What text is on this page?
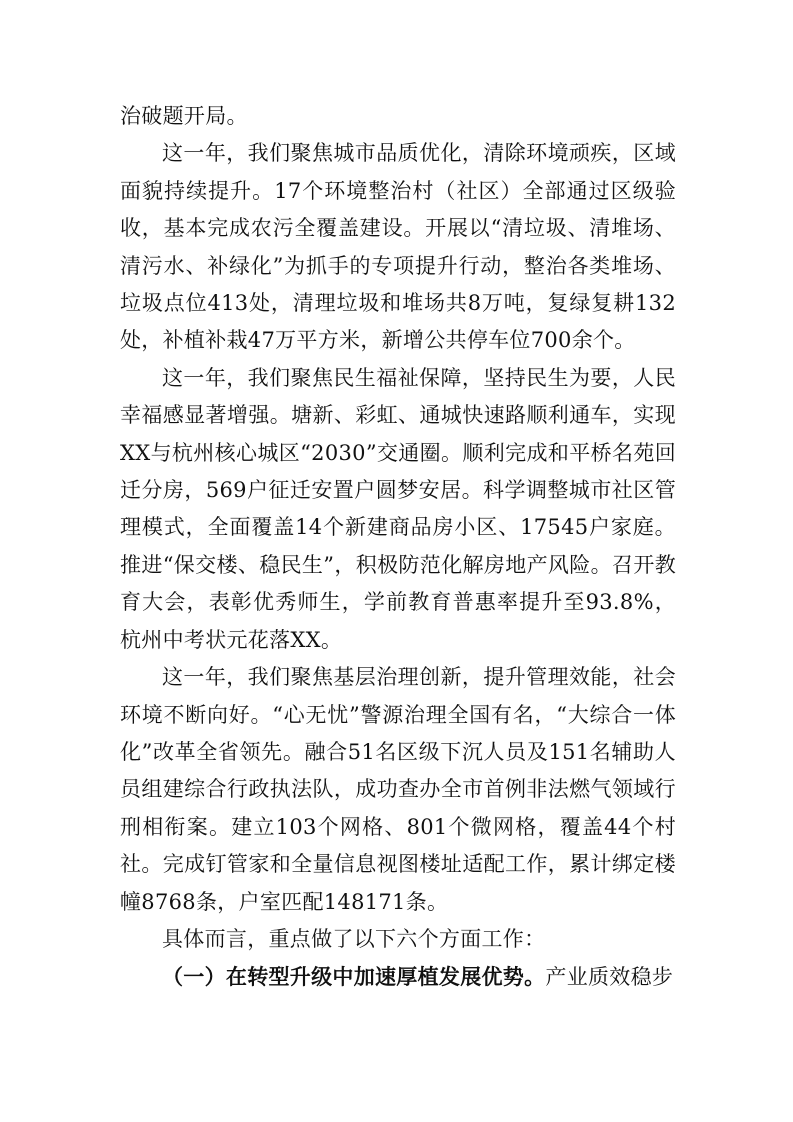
治破题开局。

这一年，我们聚焦城市品质优化，清除环境顽疾，区域面貌持续提升。17个环境整治村（社区）全部通过区级验收，基本完成农污全覆盖建设。开展以“清垃圾、清堆场、清污水、补绿化”为抓手的专项提升行动，整治各类堆场、垃圾点位413处，清理垃圾和堆场共8万吨，复绿复耕132处，补植补栽47万平方米，新增公共停车位700余个。

这一年，我们聚焦民生福祉保障，坚持民生为要，人民幸福感显著增强。塘新、彩虹、通城快速路顺利通车，实现XX与杭州核心城区“2030”交通圈。顺利完成和平桥名苑回迁分房，569户征迁安置户圆梦安居。科学调整城市社区管理模式，全面覆盖14个新建商品房小区、17545户家庭。推进“保交楼、稳民生”，积极防范化解房地产风险。召开教育大会，表彰优秀师生，学前教育普惠率提升至93.8%，杭州中考状元花落XX。

这一年，我们聚焦基层治理创新，提升管理效能，社会环境不断向好。“心无忧”警源治理全国有名，“大综合一体化”改革全省领先。融合51名区级下沉人员及151名辅助人员组建综合行政执法队，成功查办全市首例非法燃气领域行刑相衔案。建立103个网格、801个微网格，覆盖44个村社。完成钉管家和全量信息视图楼址适配工作，累计绑定楼幢8768条，户室匹配148171条。

具体而言，重点做了以下六个方面工作：

（一）在转型升级中加速厚植发展优势。产业质效稳步
